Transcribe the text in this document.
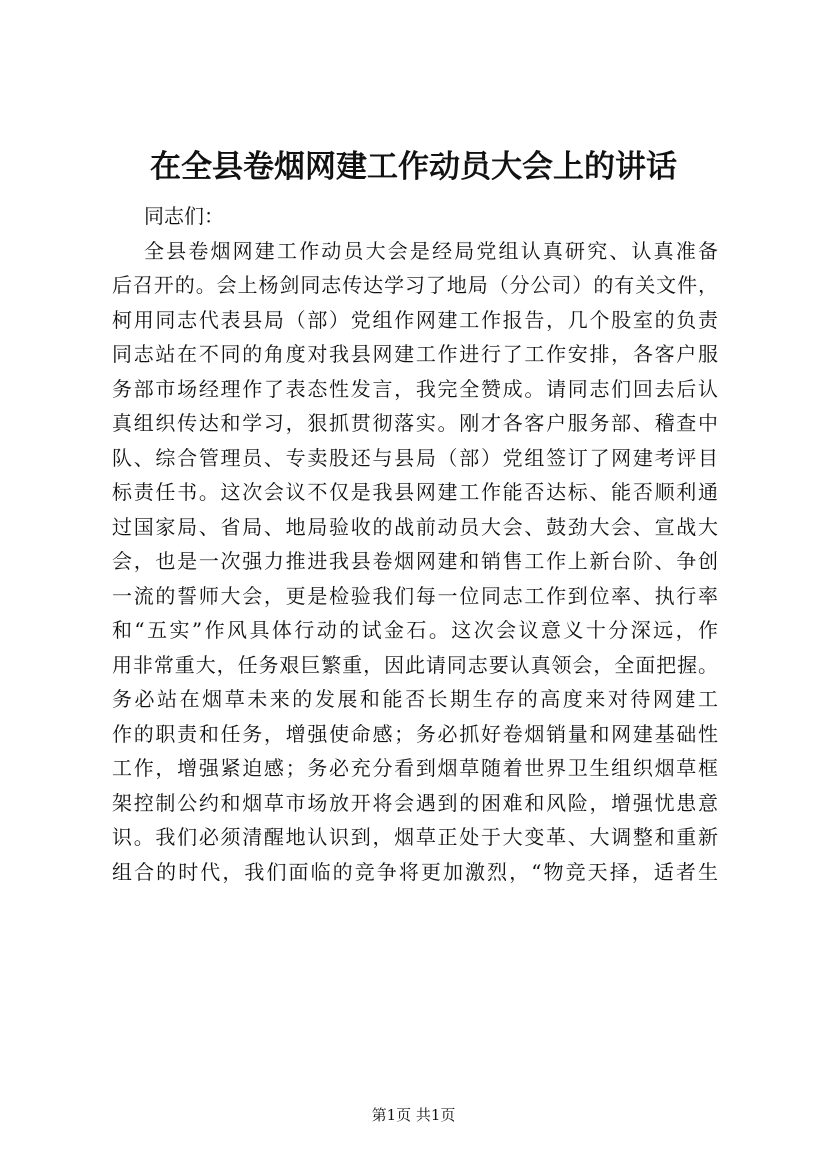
在全县卷烟网建工作动员大会上的讲话
同志们：
全县卷烟网建工作动员大会是经局党组认真研究、认真准备
后召开的。会上杨剑同志传达学习了地局（分公司）的有关文件，
柯用同志代表县局（部）党组作网建工作报告，几个股室的负责
同志站在不同的角度对我县网建工作进行了工作安排，各客户服
务部市场经理作了表态性发言，我完全赞成。请同志们回去后认
真组织传达和学习，狠抓贯彻落实。刚才各客户服务部、稽查中
队、综合管理员、专卖股还与县局（部）党组签订了网建考评目
标责任书。这次会议不仅是我县网建工作能否达标、能否顺利通
过国家局、省局、地局验收的战前动员大会、鼓劲大会、宣战大
会，也是一次强力推进我县卷烟网建和销售工作上新台阶、争创
一流的誓师大会，更是检验我们每一位同志工作到位率、执行率
和“五实”作风具体行动的试金石。这次会议意义十分深远，作
用非常重大，任务艰巨繁重，因此请同志要认真领会，全面把握。
务必站在烟草未来的发展和能否长期生存的高度来对待网建工
作的职责和任务，增强使命感；务必抓好卷烟销量和网建基础性
工作，增强紧迫感；务必充分看到烟草随着世界卫生组织烟草框
架控制公约和烟草市场放开将会遇到的困难和风险，增强忧患意
识。我们必须清醒地认识到，烟草正处于大变革、大调整和重新
组合的时代，我们面临的竞争将更加激烈，“物竞天择，适者生
第1页 共1页
